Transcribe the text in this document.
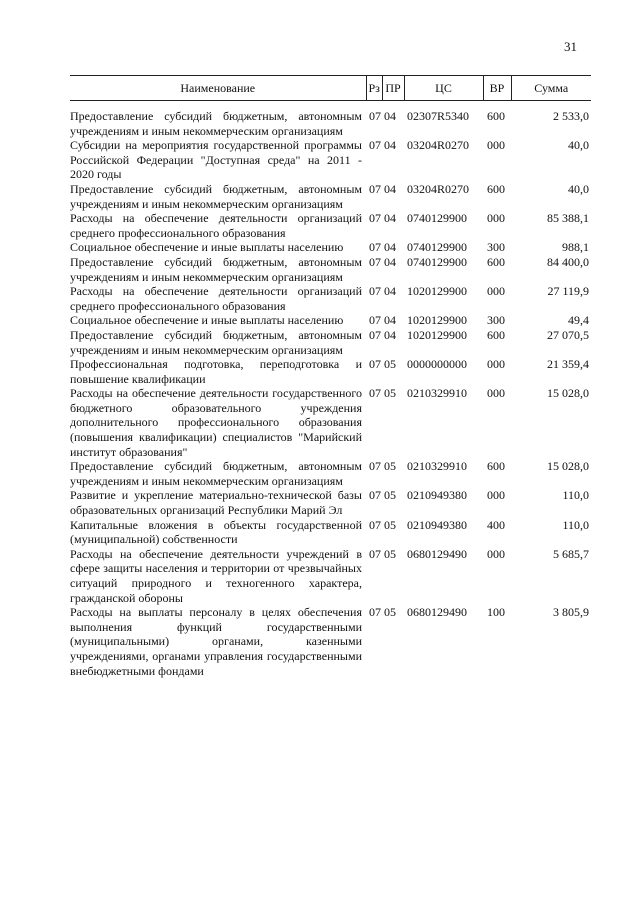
31
Наименование	Рз	ПР	ЦС	ВР	Сумма
Предоставление субсидий бюджетным, автономным учреждениям и иным некоммерческим организациям	07	04	02307R5340	600	2 533,0
Субсидии на мероприятия государственной программы Российской Федерации "Доступная среда" на 2011 - 2020 годы	07	04	03204R0270	000	40,0
Предоставление субсидий бюджетным, автономным учреждениям и иным некоммерческим организациям	07	04	03204R0270	600	40,0
Расходы на обеспечение деятельности организаций среднего профессионального образования	07	04	0740129900	000	85 388,1
Социальное обеспечение и иные выплаты населению	07	04	0740129900	300	988,1
Предоставление субсидий бюджетным, автономным учреждениям и иным некоммерческим организациям	07	04	0740129900	600	84 400,0
Расходы на обеспечение деятельности организаций среднего профессионального образования	07	04	1020129900	000	27 119,9
Социальное обеспечение и иные выплаты населению	07	04	1020129900	300	49,4
Предоставление субсидий бюджетным, автономным учреждениям и иным некоммерческим организациям	07	04	1020129900	600	27 070,5
Профессиональная подготовка, переподготовка и повышение квалификации	07	05	0000000000	000	21 359,4
Расходы на обеспечение деятельности государственного бюджетного образовательного учреждения дополнительного профессионального образования (повышения квалификации) специалистов "Марийский институт образования"	07	05	0210329910	000	15 028,0
Предоставление субсидий бюджетным, автономным учреждениям и иным некоммерческим организациям	07	05	0210329910	600	15 028,0
Развитие и укрепление материально-технической базы образовательных организаций Республики Марий Эл	07	05	0210949380	000	110,0
Капитальные вложения в объекты государственной (муниципальной) собственности	07	05	0210949380	400	110,0
Расходы на обеспечение деятельности учреждений в сфере защиты населения и территории от чрезвычайных ситуаций природного и техногенного характера, гражданской обороны	07	05	0680129490	000	5 685,7
Расходы на выплаты персоналу в целях обеспечения выполнения функций государственными (муниципальными) органами, казенными учреждениями, органами управления государственными внебюджетными фондами	07	05	0680129490	100	3 805,9
